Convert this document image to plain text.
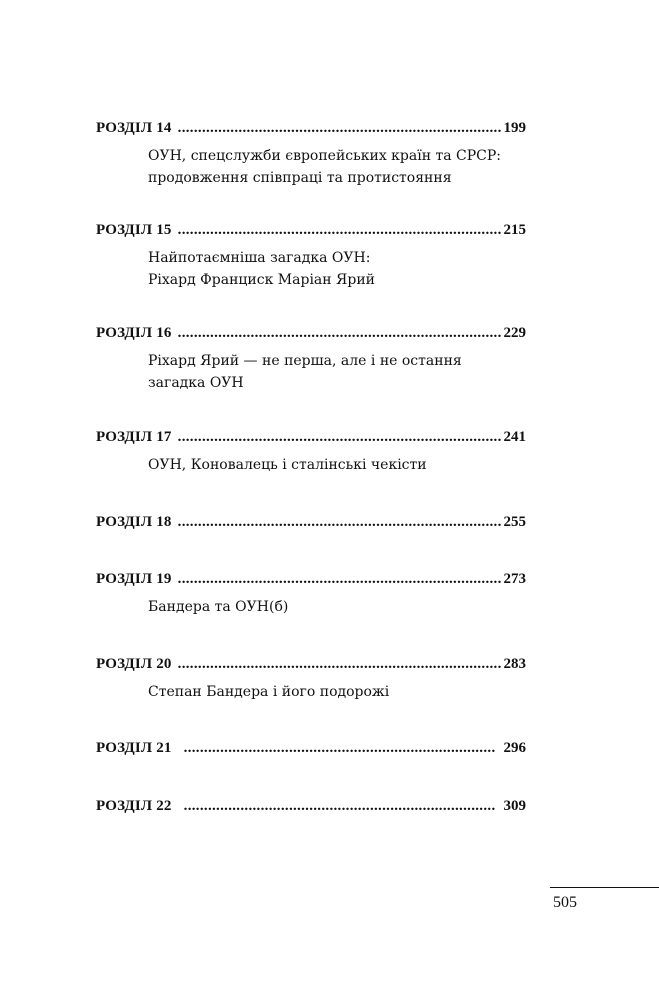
РОЗДІЛ 14 .....	199
ОУН, спецслужби європейських країн та СРСР:
продовження співпраці та протистояння
РОЗДІЛ 15 .....	215
Найпотаємніша загадка ОУН:
Ріхард Франциск Маріан Ярий
РОЗДІЛ 16 .....	229
Ріхард Ярий — не перша, але і не остання
загадка ОУН
РОЗДІЛ 17 .....	241
ОУН, Коновалець і сталінські чекісти
РОЗДІЛ 18 .....	255
РОЗДІЛ 19 .....	273
Бандера та ОУН(б)
РОЗДІЛ 20 .....	283
Степан Бандера і його подорожі
РОЗДІЛ 21 .....	296
РОЗДІЛ 22 .....	309
505
